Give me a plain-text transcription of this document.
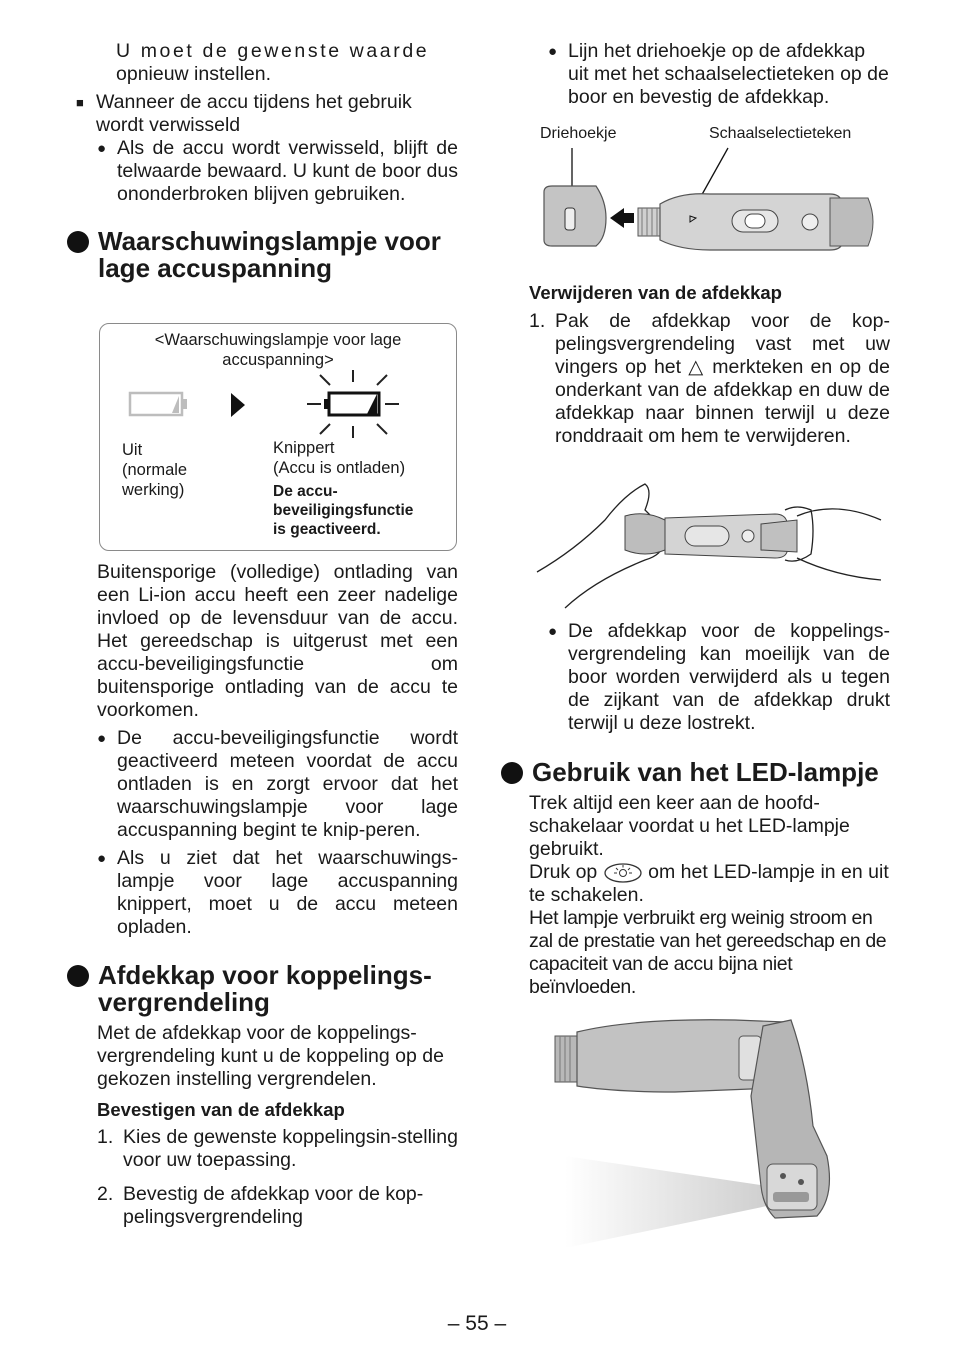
U moet de gewenste waarde

opnieuw instellen.

■ Wanneer de accu tijdens het gebruik wordt verwisseld

● Als de accu wordt verwisseld, blijft de telwaarde bewaard. U kunt de boor dus ononderbroken blijven gebruiken.

Waarschuwingslampje voor lage accuspanning

<Waarschuwingslampje voor lage accuspanning>

Uit
(normale
werking)

Knippert
(Accu is ontladen)

De accu-
beveiligingsfunctie
is geactiveerd.

Buitensporige (volledige) ontlading van een Li-ion accu heeft een zeer nadelige invloed op de levensduur van de accu. Het gereedschap is uitgerust met een accu-beveiligingsfunctie om buitensporige ontlading van de accu te voorkomen.

● De accu-beveiligingsfunctie wordt geactiveerd meteen voordat de accu ontladen is en zorgt ervoor dat het waarschuwingslampje voor lage accuspanning begint te knip-peren.

● Als u ziet dat het waarschuwings-lampje voor lage accuspanning knippert, moet u de accu meteen opladen.

Afdekkap voor koppelings-vergrendeling

Met de afdekkap voor de koppelings-vergrendeling kunt u de koppeling op de gekozen instelling vergrendelen.

Bevestigen van de afdekkap

1. Kies de gewenste koppelingsin-stelling voor uw toepassing.
2. Bevestig de afdekkap voor de kop-pelingsvergrendeling
● Lijn het driehoekje op de afdekkap uit met het schaalselectieteken op de boor en bevestig de afdekkap.

Driehoekje	Schaalselectieteken

Verwijderen van de afdekkap

1. Pak de afdekkap voor de kop-pelingsvergrendeling vast met uw vingers op het △ merkteken en op de onderkant van de afdekkap en duw de afdekkap naar binnen terwijl u deze ronddraait om hem te verwijderen.
● De afdekkap voor de koppelings-vergrendeling kan moeilijk van de boor worden verwijderd als u tegen de zijkant van de afdekkap drukt terwijl u deze lostrekt.

Gebruik van het LED-lampje

Trek altijd een keer aan de hoofd-schakelaar voordat u het LED-lampje gebruikt.

Druk op	om het LED-lampje in en uit te schakelen.

Het lampje verbruikt erg weinig stroom en zal de prestatie van het gereedschap en de capaciteit van de accu bijna niet beïnvloeden.

– 55 –
